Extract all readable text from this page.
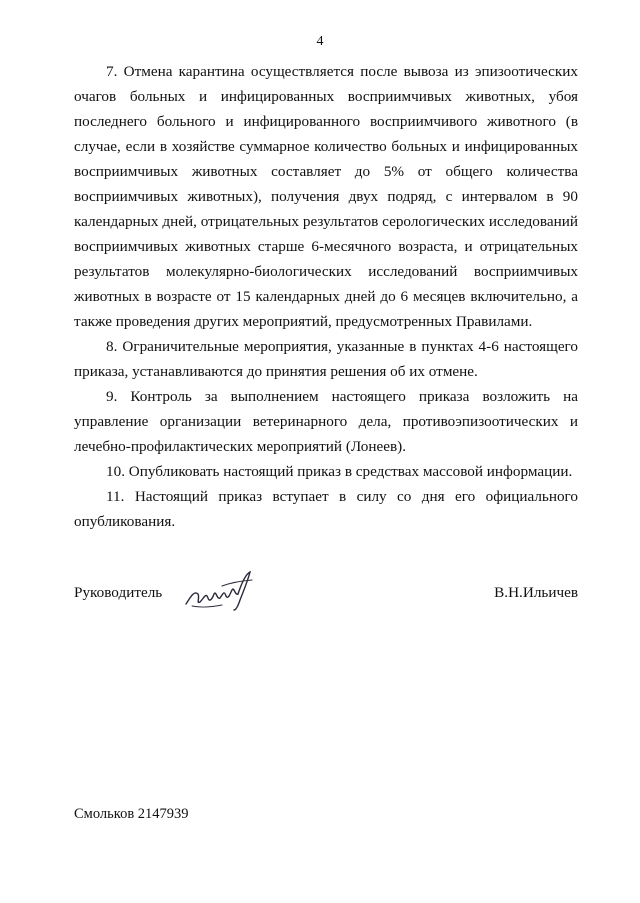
4

7. Отмена карантина осуществляется после вывоза из эпизоотических очагов больных и инфицированных восприимчивых животных, убоя последнего больного и инфицированного восприимчивого животного (в случае, если в хозяйстве суммарное количество больных и инфицированных восприимчивых животных составляет до 5% от общего количества восприимчивых животных), получения двух подряд, с интервалом в 90 календарных дней, отрицательных результатов серологических исследований восприимчивых животных старше 6-месячного возраста, и отрицательных результатов молекулярно-биологических исследований восприимчивых животных в возрасте от 15 календарных дней до 6 месяцев включительно, а также проведения других мероприятий, предусмотренных Правилами.

8. Ограничительные мероприятия, указанные в пунктах 4-6 настоящего приказа, устанавливаются до принятия решения об их отмене.

9. Контроль за выполнением настоящего приказа возложить на управление организации ветеринарного дела, противоэпизоотических и лечебно-профилактических мероприятий (Лонеев).

10. Опубликовать настоящий приказ в средствах массовой информации.

11. Настоящий приказ вступает в силу со дня его официального опубликования.

Руководитель	В.Н.Ильичев
Смольков 2147939
